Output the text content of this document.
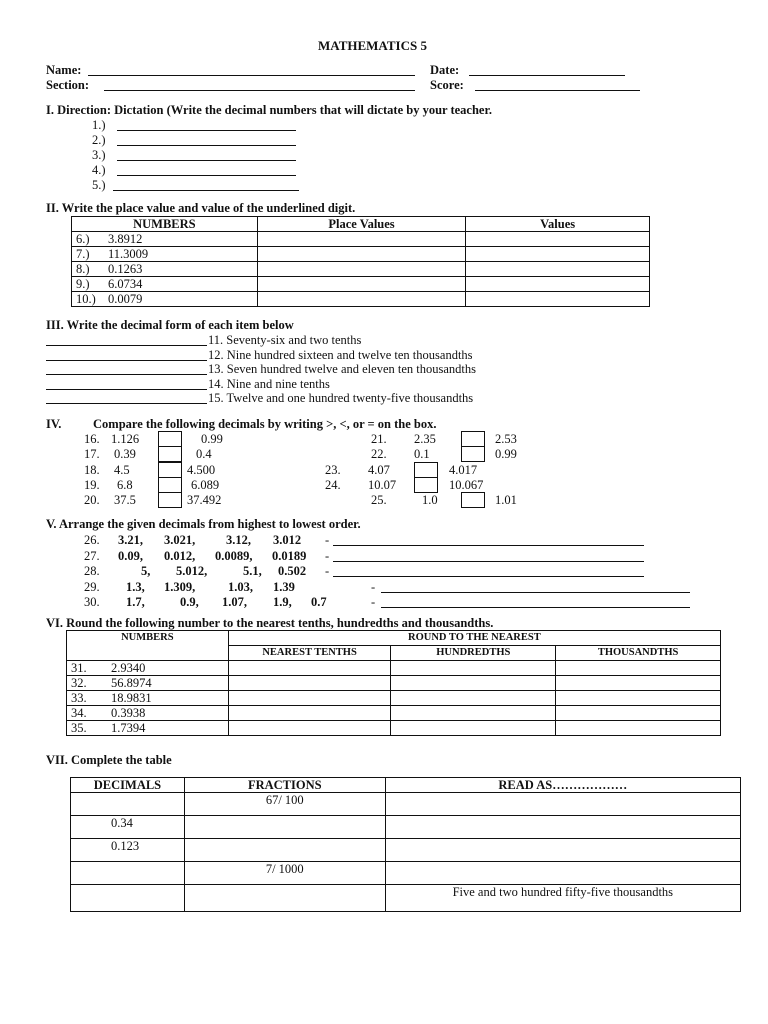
MATHEMATICS 5
Name:	Date:
Section:	Score:
I. Direction: Dictation (Write the decimal numbers that will dictate by your teacher.
1.)
2.)
3.)
4.)
5.)
II. Write the place value and value of the underlined digit.
NUMBERS	Place Values	Values
6.) 3.8912		
7.) 11.3009		
8.) 0.1263		
9.) 6.0734		
10.) 0.0079		
III. Write the decimal form of each item below
11. Seventy-six and two tenths
12. Nine hundred sixteen and twelve ten thousandths
13. Seven hundred twelve and eleven ten thousandths
14. Nine and nine tenths
15. Twelve and one hundred twenty-five thousandths
IV.	Compare the following decimals by writing >, <, or = on the box.
16. 1.126	0.99
17. 0.39	0.4
18. 4.5	4.500
19. 6.8	6.089
20. 37.5	37.492
21. 2.35	2.53
22. 0.1	0.99
23. 4.07	4.017
24. 10.07	10.067
25.	1.0	1.01
V. Arrange the given decimals from highest to lowest order.
26. 3.21, 3.021, 3.12, 3.012 -
27. 0.09, 0.012, 0.0089, 0.0189 -
28.	5, 5.012,	5.1, 0.502 -
29. 1.3, 1.309,	1.03, 1.39	-
30. 1.7,	0.9, 1.07, 1.9, 0.7	-
VI. Round the following number to the nearest tenths, hundredths and thousandths.
NUMBERS	ROUND TO THE NEAREST		
	NEAREST TENTHS	HUNDREDTHS	THOUSANDTHS
31. 2.9340			
32. 56.8974			
33. 18.9831			
34. 0.3938			
35. 1.7394			
VII. Complete the table
DECIMALS	FRACTIONS	READ AS………………
	67/ 100	
0.34		
0.123		
	7/ 1000	
		Five and two hundred fifty-five thousandths
